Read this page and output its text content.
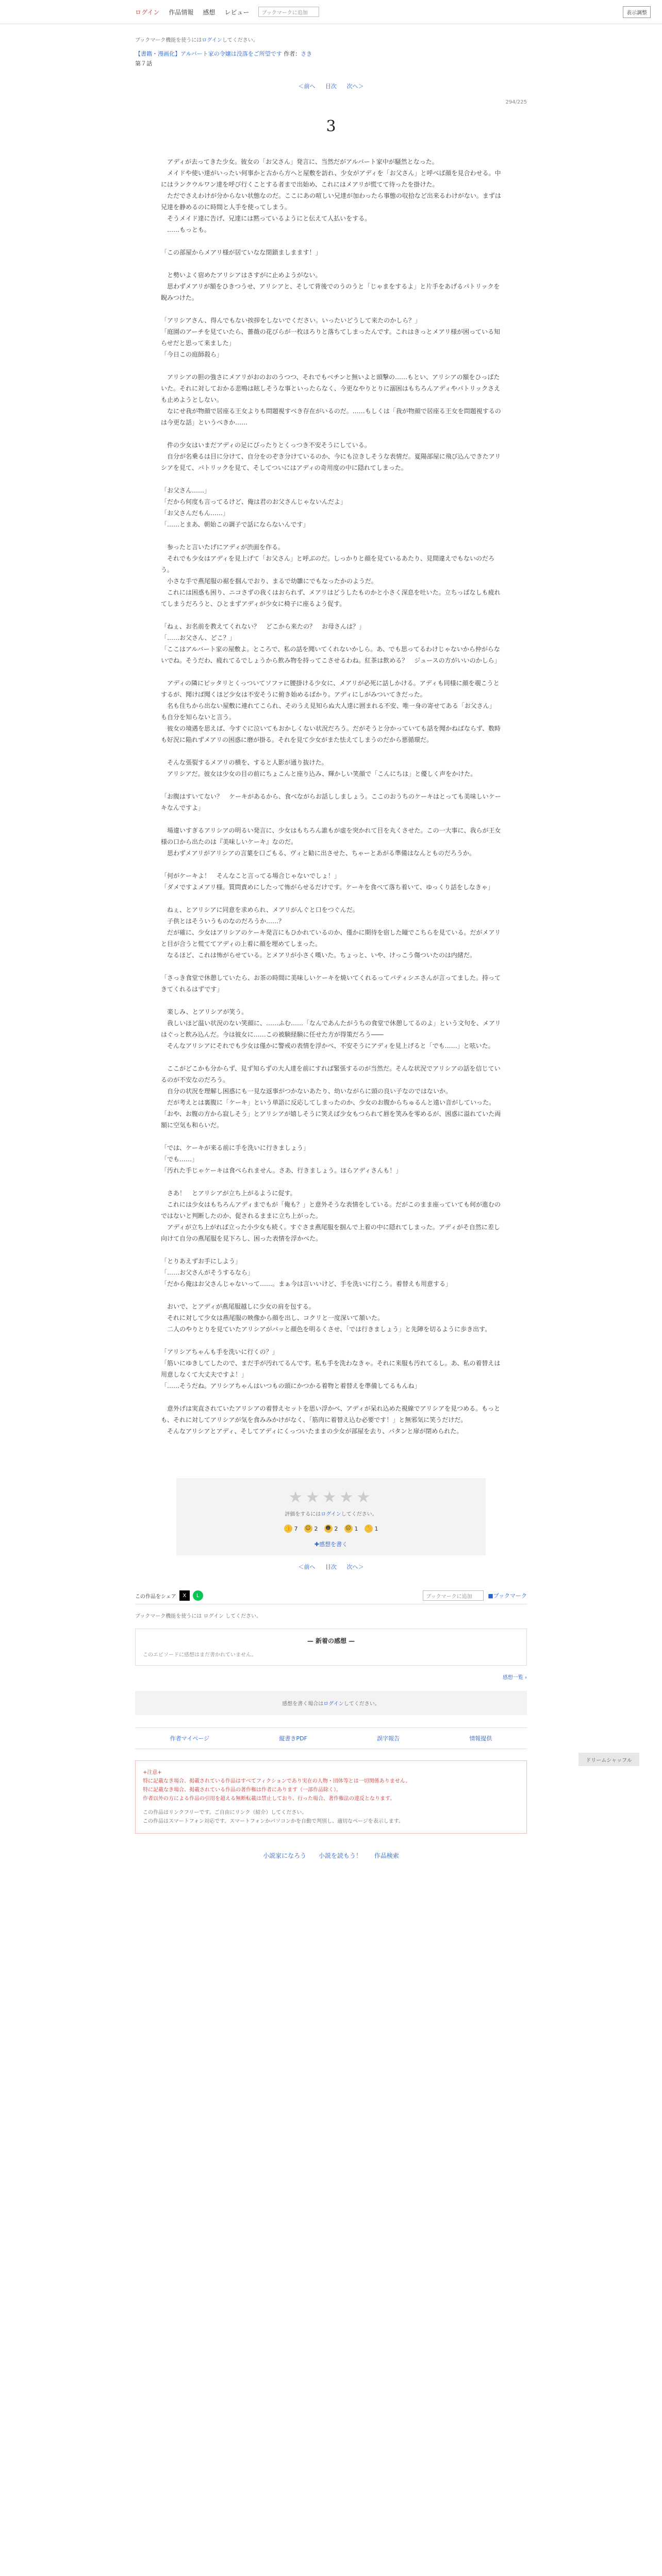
ログイン 作品情報 感想 レビュー	ブックマークに追加	表示調整
ブックマーク機能を使うにはログインしてください。
【書籍・漫画化】アルバート家の令嬢は没落をご所望です 作者：さき
第７話
＜前へ 目次 次へ＞
294/225
3

　アディが去ってきた少女。彼女の「お父さん」発言に、当然だがアルバート家中が騒然となった。

　メイドや使い達がいったい何事かと古から方へと屋敷を訪れ、少女がアディを「お父さん」と呼べば顔を見合わせる。中にはランクウルワン達を呼び行くことする者まで出始め、これにはメアリが慌てて待ったを掛けた。

　ただでさえわけが分からない状態なのだ。ここにあの喧しい兄達が加わったら事態の収拾など出来るわけがない。まずは兄達を静めるのに時間と人手を使ってしまう。

　そうメイド達に告げ、兄達には黙っているようにと伝えて人払いをする。

　……もっとも。

「この部屋からメアリ様が居ていなな閉鎖ましまます！」

　と勢いよく宿めたアリシアはさすがに止めようがない。

　思わずメアリが額をひきつうせ、アリシアと、そして背後でのうのうと「じゃまをするよ」と片手をあげるパトリックを睨みつけた。

「アリシアさん、得んでもない挨拶をしないでください。いったいどうして来たのかしら？」

「庭園のアーチを見ていたら、薔薇の花びらが一枚ほろりと落ちてしまったんです。これはきっとメアリ様が困っている知らせだと思って来ました」

「今日この庭師殺ら」

　アリシアの胆の強さにメアリがおのおのうつつ、それでもベチンと無いよと頭撃の……もとい、アリシアの額をひっぱたいた。それに対しておかる悲鳴は眩しそうな事といったらなく、今更なやりとりに溺困はもちろんアディやパトリックさえも止めようとしない。

　なにせ我が物顔で居座る王女よりも問題視すべき存在がいるのだ。……もしくは「我が物顔で居座る王女を問題視するのは今更な話」というべきか……

　件の少女はいまだアディの足にぴったりとくっつき不安そうにしている。

　自分が名乗るは目に分けて、自分をのぞき分けているのか、今にも泣きしそうな表情だ。夏陽部屋に飛び込んできたアリシアを見て、パトリックを見て、そしてついにはアディの奇用度の中に隠れてしまった。

「お父さん……」

「だから何度も言ってるけど、俺は君のお父さんじゃないんだよ」

「お父さんだもん……」

「……とまあ、朝始この調子で話にならないんです」

　参ったと言いたげにアディが渋面を作る。

　それでも少女はアディを見上げて「お父さん」と呼ぶのだ。しっかりと顔を見ているあたり、見間違えでもないのだろう。

　小さな手で燕尾服の裾を掴んでおり、まるで幼雛にでもなったかのようだ。

　これには困惑も困り、ニコさずの我くはおられず、メアリはどうしたものかと小さく深息を吐いた。立ちっぱなしも疲れてしまうだろうと、ひとまずアディが少女に椅子に座るよう促す。

「ねぇ、お名前を教えてくれない？　どこから来たの？　お母さんは？」

「……お父さん、どこ？」

「ここはアルバート家の屋敷よ。ところで、私の話を聞いてくれないかしら。あ、でも思ってるわけじゃないから仲がらないでね。そうだわ、疲れてるでしょうから飲み物を持ってこさせるわね。紅茶は飲める？　ジュースの方がいいのかしら」

　アディの隣にピッタリとくっついてソファに腰掛ける少女に、メアリが必死に話しかける。アディも同様に顔を覗こうとするが、聞けば聞くほど少女は不安そうに俯き始めるばかり。アディにしがみついてきだった。

　名も住ちから出ない屋敷に連れてこられ、そのうえ見知らぬ大人達に囲まれる不安、唯一身の寄せてある「お父さん」も自分を知らないと言う。

　彼女の境遇を思えば、今すぐに泣いてもおかしくない状況だろう。だがそうと分かっていても話を聞かねばならず、数時も好況に陥れずメアリの困惑に磨が掛る。それを見て少女がまた怯えてしまうのだから悪循環だ。

　そんな張裂するメアリの横を、すると人影が通り抜けた。

　アリシアだ。彼女は少女の目の前にちょこんと座り込み、輝かしい笑顔で「こんにちは」と優しく声をかけた。

「お腹はすいてない？　ケーキがあるから、食べながらお話ししましょう。ここのおうちのケーキはとっても美味しいケーキなんですよ」

　場違いすぎるアリシアの明るい発言に、少女はもちろん誰もが虚を突かれて目を丸くさせた。この一大事に、我らが王女様の口から出たのは『美味しいケーキ』なのだ。

　思わずメアリがアリシアの言葉を口ごもる、ヴィと勧に出させた、ちゃーとあがる準備はなんとものだろうか。

「何がケーキよ！　そんなこと言ってる場合じゃないでしょ！」

「ダメですよメアリ様。質問責めにしたって怖がらせるだけです。ケーキを食べて落ち着いて、ゆっくり話をしなきゃ」

　ねぇ、とアリシアに同意を求められ、メアリがんぐと口をつぐんだ。

　子供とはそういうものなのだろうか……？

　だが確に、少女はアリシアのケーキ発言にもひかれているのか、僅かに期待を宿した瞳でこちらを見ている。だがメアリと目が合うと慌ててアディの上着に顔を埋めてしまった。

　なるほど、これは怖がらせている。とメアリが小さく嘆いた。ちょっと、いや、けっこう傷ついたのは内緒だ。

「さっき食堂で休憩していたら、お茶の時間に美味しいケーキを焼いてくれるってパティシエさんが言ってました。持ってきてくれるはずです」

　楽しみ、とアリシアが笑う。

　我しいほど温い状況のない笑顔に、……ふむ……「なんであんたがうちの食堂で休憩してるのよ」という文句を、メアリはぐっと飲み込んだ。今は彼女に……この被験経験に任せた方が得策だろう――

　そんなアリシアにそれでも少女は僅かに警戒の表情を浮かべ、不安そうにアディを見上げると「でも……」と呟いた。

　ここがどこかも分からず、見ず知らずの大人達を前にすれば緊張するのが当然だ。そんな状況でアリシアの話を信じているのが不安なのだろう。

　自分の状況を理解し困惑にも一見な返事がつかないあたり、幼いながらに頭の良い子なのではないか。

　だが考えとは裏腹に「ケーキ」という単語に反応してしまったのか、少女のお腹からちゅるんと遠い音がしていった。「おや、お腹の方から寂しそう」とアリシアが嬉しそうに笑えば少女もつられて唇を笑みを零めるが、困惑に溢れていた両額に空気も和らいだ。

「では、ケーキが来る前に手を洗いに行きましょう」

「でも……」

「汚れた手じゃケーキは食べられません。さあ、行きましょう。ほらアディさんも！」

　さあ！　とアリシアが立ち上がるように促す。

　これには少女はもちろんアディまでもが「俺も？」と意外そうな表情をしている。だがこのまま座っていても何が進むのではないと判断したのか、促されるままに立ち上がった。

　アディが立ち上がれば立った小少女も続く。すぐさま燕尾服を掴んで上着の中に隠れてしまった。アディがそ自然に差し向けて自分の燕尾服を見下ろし、困った表情を浮かべた。

「とりあえずお手にしよう」

「……お父さんがそうするなら」

「だから俺はお父さんじゃないって……。まぁ今は言いいけど、手を洗いに行こう。着替えも用意する」

　おいで、とアディが燕尾服越しに少女の肩を包する。

　それに対して少女は燕尾服の映像から顔を出し、コクリと一度深いて頷いた。

　二人のやりとりを見ていたアリシアがパッと顔色を明るくさせ、「では行きましょう」と先陣を切るように歩き出す。

「アリシアちゃんも手を洗いに行くの？」

「筋いにゆきしてしたので、まだ手が汚れてるんです。私も手を洗わなきゃ。それに来服も汚れてるし。あ、私の着替えは用意しなくて大丈夫ですよ！」

「……そうだね。アリシアちゃんはいつもの頭にかつかる着物と着替えを準備してるもんね」

　意外げは実直されていたアリシアの着替えセットを思い浮かべ、アディが呆れ込めた視線でアリシアを見つめる。もっとも、それに対してアリシアが気を食みみかけがなく、「筋肉に着替え込む必要です！」と無邪気に笑うだけだ。

　そんなアリシアとアディ、そしてアディにくっついたままの少女が部屋を去り、パタンと扉が閉められた。

★★★★★
評価をするにはログインしてください。
👍 7 ☺ 2 ☻ 2 ☹ 1 ✋ 1
✚感想を書く
＜前へ 目次 次へ＞
この作品をシェア	X	L	ブックマークに追加	■ブックマーク
ブックマーク機能を使うには ログイン してください。
— 新着の感想 —
このエピソードに感想はまだ書かれていません。
感想一覧 ›
感想を書く場合はログインしてください。
作者マイページ	縦書きPDF	誤字報告	情報提供
+注意+
特に記載なき場合、掲載されている作品はすべてフィクションであり実在の人物・団体等とは一切関係ありません。
特に記載なき場合、掲載されている作品の著作権は作者にあります（一部作品除く）。
作者以外の方による作品の引用を超える無断転載は禁止しており、行った場合、著作権法の違反となります。
この作品はリンクフリーです。ご自由にリンク（紹介）してください。
この作品はスマートフォン対応です。スマートフォンかパソコンかを自動で判別し、適切なページを表示します。
小説家になろう 小説を読もう！ 作品検索
ドリームシャッフル
